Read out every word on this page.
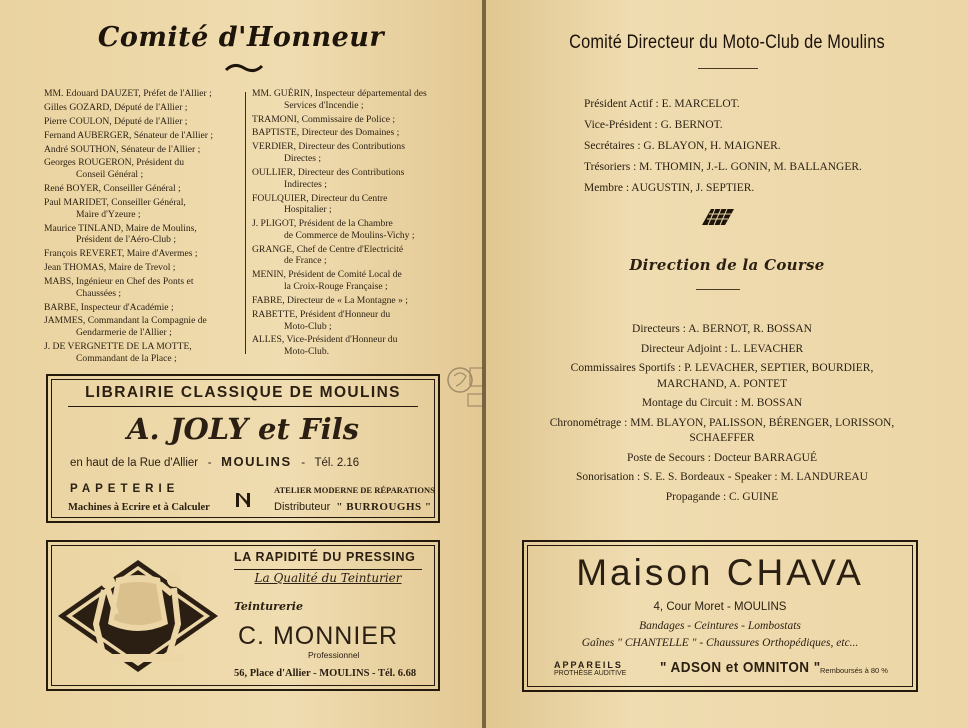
Comité d'Honneur
MM. Edouard DAUZET, Préfet de l'Allier ;
Gilles GOZARD, Député de l'Allier ;
Pierre COULON, Député de l'Allier ;
Fernand AUBERGER, Sénateur de l'Allier ;
André SOUTHON, Sénateur de l'Allier ;
Georges ROUGERON, Président du
Conseil Général ;
René BOYER, Conseiller Général ;
Paul MARIDET, Conseiller Général,
Maire d'Yzeure ;
Maurice TINLAND, Maire de Moulins,
Président de l'Aéro-Club ;
François REVERET, Maire d'Avermes ;
Jean THOMAS, Maire de Trevol ;
MABS, Ingénieur en Chef des Ponts et
Chaussées ;
BARBE, Inspecteur d'Académie ;
JAMMES, Commandant la Compagnie de
Gendarmerie de l'Allier ;
J. DE VERGNETTE DE LA MOTTE,
Commandant de la Place ;
MM. GUÉRIN, Inspecteur départemental des
Services d'Incendie ;
TRAMONI, Commissaire de Police ;
BAPTISTE, Directeur des Domaines ;
VERDIER, Directeur des Contributions
Directes ;
OULLIER, Directeur des Contributions
Indirectes ;
FOULQUIER, Directeur du Centre
Hospitalier ;
J. PLIGOT, Président de la Chambre
de Commerce de Moulins-Vichy ;
GRANGE, Chef de Centre d'Electricité
de France ;
MENIN, Président de Comité Local de
la Croix-Rouge Française ;
FABRE, Directeur de « La Montagne » ;
RABETTE, Président d'Honneur du
Moto-Club ;
ALLES, Vice-Président d'Honneur du
Moto-Club.
LIBRAIRIE CLASSIQUE DE MOULINS
A. JOLY et Fils
en haut de la Rue d'Allier - MOULINS - Tél. 2.16
PAPETERIE
Machines à Ecrire et à Calculer
ATELIER MODERNE DE RÉPARATIONS
Distributeur " BURROUGHS "
LA RAPIDITÉ DU PRESSING
La Qualité du Teinturier
Teinturerie
C. MONNIER
Professionnel
56, Place d'Allier - MOULINS - Tél. 6.68
Comité Directeur du Moto-Club de Moulins
Président Actif : E. MARCELOT.
Vice-Président : G. BERNOT.
Secrétaires : G. BLAYON, H. MAIGNER.
Trésoriers : M. THOMIN, J.-L. GONIN, M. BALLANGER.
Membre : AUGUSTIN, J. SEPTIER.
Direction de la Course
Directeurs : A. BERNOT, R. BOSSAN
Directeur Adjoint : L. LEVACHER
Commissaires Sportifs : P. LEVACHER, SEPTIER, BOURDIER,
MARCHAND, A. PONTET
Montage du Circuit : M. BOSSAN
Chronométrage : MM. BLAYON, PALISSON, BÉRENGER, LORISSON,
SCHAEFFER
Poste de Secours : Docteur BARRAGUÉ
Sonorisation : S. E. S. Bordeaux - Speaker : M. LANDUREAU
Propagande : C. GUINE
Maison CHAVA
4, Cour Moret - MOULINS
Bandages - Ceintures - Lombostats
Gaînes " CHANTELLE " - Chaussures Orthopédiques, etc...
APPAREILS
PROTHÈSE AUDITIVE " ADSON et OMNITON " Remboursés à 80 %
